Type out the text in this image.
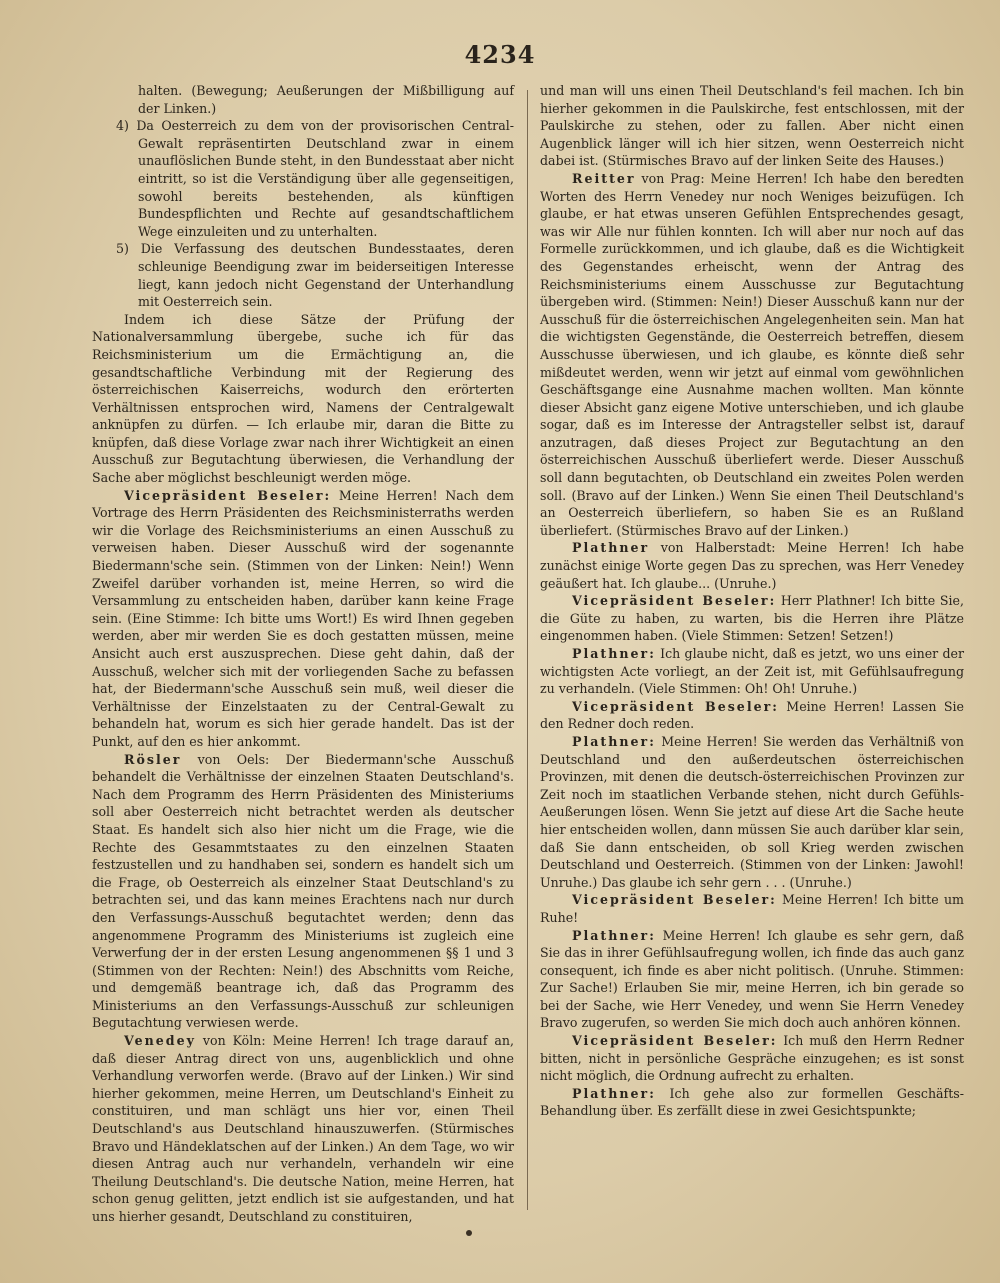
4234

halten. (Bewegung; Aeußerungen der Mißbilligung auf der Linken.)

4) Da Oesterreich zu dem von der provisorischen Central-Gewalt repräsentirten Deutschland zwar in einem unauflöslichen Bunde steht, in den Bundesstaat aber nicht eintritt, so ist die Verständigung über alle gegenseitigen, sowohl bereits bestehenden, als künftigen Bundespflichten und Rechte auf gesandtschaftlichem Wege einzuleiten und zu unterhalten.

5) Die Verfassung des deutschen Bundesstaates, deren schleunige Beendigung zwar im beiderseitigen Interesse liegt, kann jedoch nicht Gegenstand der Unterhandlung mit Oesterreich sein.

Indem ich diese Sätze der Prüfung der Nationalversammlung übergebe, suche ich für das Reichsministerium um die Ermächtigung an, die gesandtschaftliche Verbindung mit der Regierung des österreichischen Kaiserreichs, wodurch den erörterten Verhältnissen entsprochen wird, Namens der Centralgewalt anknüpfen zu dürfen. — Ich erlaube mir, daran die Bitte zu knüpfen, daß diese Vorlage zwar nach ihrer Wichtigkeit an einen Ausschuß zur Begutachtung überwiesen, die Verhandlung der Sache aber möglichst beschleunigt werden möge.

Vicepräsident Beseler: Meine Herren! Nach dem Vortrage des Herrn Präsidenten des Reichsministerraths werden wir die Vorlage des Reichsministeriums an einen Ausschuß zu verweisen haben. Dieser Ausschuß wird der sogenannte Biedermann'sche sein. (Stimmen von der Linken: Nein!) Wenn Zweifel darüber vorhanden ist, meine Herren, so wird die Versammlung zu entscheiden haben, darüber kann keine Frage sein. (Eine Stimme: Ich bitte ums Wort!) Es wird Ihnen gegeben werden, aber mir werden Sie es doch gestatten müssen, meine Ansicht auch erst auszusprechen. Diese geht dahin, daß der Ausschuß, welcher sich mit der vorliegenden Sache zu befassen hat, der Biedermann'sche Ausschuß sein muß, weil dieser die Verhältnisse der Einzelstaaten zu der Central-Gewalt zu behandeln hat, worum es sich hier gerade handelt. Das ist der Punkt, auf den es hier ankommt.

Rösler von Oels: Der Biedermann'sche Ausschuß behandelt die Verhältnisse der einzelnen Staaten Deutschland's. Nach dem Programm des Herrn Präsidenten des Ministeriums soll aber Oesterreich nicht betrachtet werden als deutscher Staat. Es handelt sich also hier nicht um die Frage, wie die Rechte des Gesammtstaates zu den einzelnen Staaten festzustellen und zu handhaben sei, sondern es handelt sich um die Frage, ob Oesterreich als einzelner Staat Deutschland's zu betrachten sei, und das kann meines Erachtens nach nur durch den Verfassungs-Ausschuß begutachtet werden; denn das angenommene Programm des Ministeriums ist zugleich eine Verwerfung der in der ersten Lesung angenommenen §§ 1 und 3 (Stimmen von der Rechten: Nein!) des Abschnitts vom Reiche, und demgemäß beantrage ich, daß das Programm des Ministeriums an den Verfassungs-Ausschuß zur schleunigen Begutachtung verwiesen werde.

Venedey von Köln: Meine Herren! Ich trage darauf an, daß dieser Antrag direct von uns, augenblicklich und ohne Verhandlung verworfen werde. (Bravo auf der Linken.) Wir sind hierher gekommen, meine Herren, um Deutschland's Einheit zu constituiren, und man schlägt uns hier vor, einen Theil Deutschland's aus Deutschland hinauszuwerfen. (Stürmisches Bravo und Händeklatschen auf der Linken.) An dem Tage, wo wir diesen Antrag auch nur verhandeln, verhandeln wir eine Theilung Deutschland's. Die deutsche Nation, meine Herren, hat schon genug gelitten, jetzt endlich ist sie aufgestanden, und hat uns hierher gesandt, Deutschland zu constituiren,

und man will uns einen Theil Deutschland's feil machen. Ich bin hierher gekommen in die Paulskirche, fest entschlossen, mit der Paulskirche zu stehen, oder zu fallen. Aber nicht einen Augenblick länger will ich hier sitzen, wenn Oesterreich nicht dabei ist. (Stürmisches Bravo auf der linken Seite des Hauses.)

Reitter von Prag: Meine Herren! Ich habe den beredten Worten des Herrn Venedey nur noch Weniges beizufügen. Ich glaube, er hat etwas unseren Gefühlen Entsprechendes gesagt, was wir Alle nur fühlen konnten. Ich will aber nur noch auf das Formelle zurückkommen, und ich glaube, daß es die Wichtigkeit des Gegenstandes erheischt, wenn der Antrag des Reichsministeriums einem Ausschusse zur Begutachtung übergeben wird. (Stimmen: Nein!) Dieser Ausschuß kann nur der Ausschuß für die österreichischen Angelegenheiten sein. Man hat die wichtigsten Gegenstände, die Oesterreich betreffen, diesem Ausschusse überwiesen, und ich glaube, es könnte dieß sehr mißdeutet werden, wenn wir jetzt auf einmal vom gewöhnlichen Geschäftsgange eine Ausnahme machen wollten. Man könnte dieser Absicht ganz eigene Motive unterschieben, und ich glaube sogar, daß es im Interesse der Antragsteller selbst ist, darauf anzutragen, daß dieses Project zur Begutachtung an den österreichischen Ausschuß überliefert werde. Dieser Ausschuß soll dann begutachten, ob Deutschland ein zweites Polen werden soll. (Bravo auf der Linken.) Wenn Sie einen Theil Deutschland's an Oesterreich überliefern, so haben Sie es an Rußland überliefert. (Stürmisches Bravo auf der Linken.)

Plathner von Halberstadt: Meine Herren! Ich habe zunächst einige Worte gegen Das zu sprechen, was Herr Venedey geäußert hat. Ich glaube... (Unruhe.)

Vicepräsident Beseler: Herr Plathner! Ich bitte Sie, die Güte zu haben, zu warten, bis die Herren ihre Plätze eingenommen haben. (Viele Stimmen: Setzen! Setzen!)

Plathner: Ich glaube nicht, daß es jetzt, wo uns einer der wichtigsten Acte vorliegt, an der Zeit ist, mit Gefühlsaufregung zu verhandeln. (Viele Stimmen: Oh! Oh! Unruhe.)

Vicepräsident Beseler: Meine Herren! Lassen Sie den Redner doch reden.

Plathner: Meine Herren! Sie werden das Verhältniß von Deutschland und den außerdeutschen österreichischen Provinzen, mit denen die deutsch-österreichischen Provinzen zur Zeit noch im staatlichen Verbande stehen, nicht durch Gefühls-Aeußerungen lösen. Wenn Sie jetzt auf diese Art die Sache heute hier entscheiden wollen, dann müssen Sie auch darüber klar sein, daß Sie dann entscheiden, ob soll Krieg werden zwischen Deutschland und Oesterreich. (Stimmen von der Linken: Jawohl! Unruhe.) Das glaube ich sehr gern . . . (Unruhe.)

Vicepräsident Beseler: Meine Herren! Ich bitte um Ruhe!

Plathner: Meine Herren! Ich glaube es sehr gern, daß Sie das in ihrer Gefühlsaufregung wollen, ich finde das auch ganz consequent, ich finde es aber nicht politisch. (Unruhe. Stimmen: Zur Sache!) Erlauben Sie mir, meine Herren, ich bin gerade so bei der Sache, wie Herr Venedey, und wenn Sie Herrn Venedey Bravo zugerufen, so werden Sie mich doch auch anhören können.

Vicepräsident Beseler: Ich muß den Herrn Redner bitten, nicht in persönliche Gespräche einzugehen; es ist sonst nicht möglich, die Ordnung aufrecht zu erhalten.

Plathner: Ich gehe also zur formellen Geschäfts-Behandlung über. Es zerfällt diese in zwei Gesichtspunkte;
